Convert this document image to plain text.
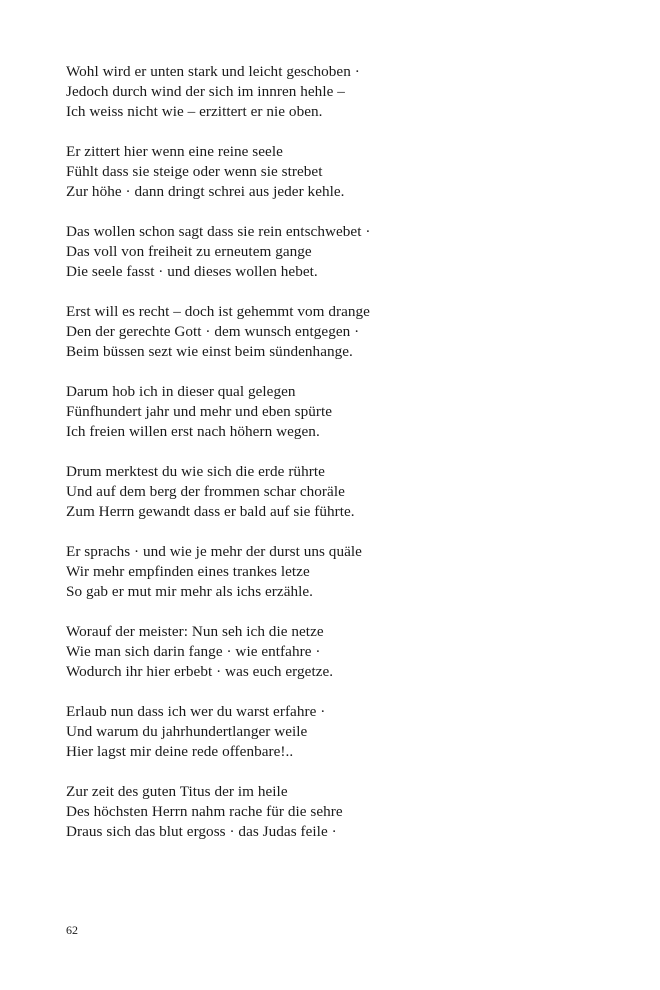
Wohl wird er unten stark und leicht geschoben ·
Jedoch durch wind der sich im innren hehle –
Ich weiss nicht wie – erzittert er nie oben.
Er zittert hier wenn eine reine seele
Fühlt dass sie steige oder wenn sie strebet
Zur höhe · dann dringt schrei aus jeder kehle.
Das wollen schon sagt dass sie rein entschwebet ·
Das voll von freiheit zu erneutem gange
Die seele fasst · und dieses wollen hebet.
Erst will es recht – doch ist gehemmt vom drange
Den der gerechte Gott · dem wunsch entgegen ·
Beim büssen sezt wie einst beim sündenhange.
Darum hob ich in dieser qual gelegen
Fünfhundert jahr und mehr und eben spürte
Ich freien willen erst nach höhern wegen.
Drum merktest du wie sich die erde rührte
Und auf dem berg der frommen schar choräle
Zum Herrn gewandt dass er bald auf sie führte.
Er sprachs · und wie je mehr der durst uns quäle
Wir mehr empfinden eines trankes letze
So gab er mut mir mehr als ichs erzähle.
Worauf der meister: Nun seh ich die netze
Wie man sich darin fange · wie entfahre ·
Wodurch ihr hier erbebt · was euch ergetze.
Erlaub nun dass ich wer du warst erfahre ·
Und warum du jahrhundertlanger weile
Hier lagst mir deine rede offenbare!..
Zur zeit des guten Titus der im heile
Des höchsten Herrn nahm rache für die sehre
Draus sich das blut ergoss · das Judas feile ·
62
